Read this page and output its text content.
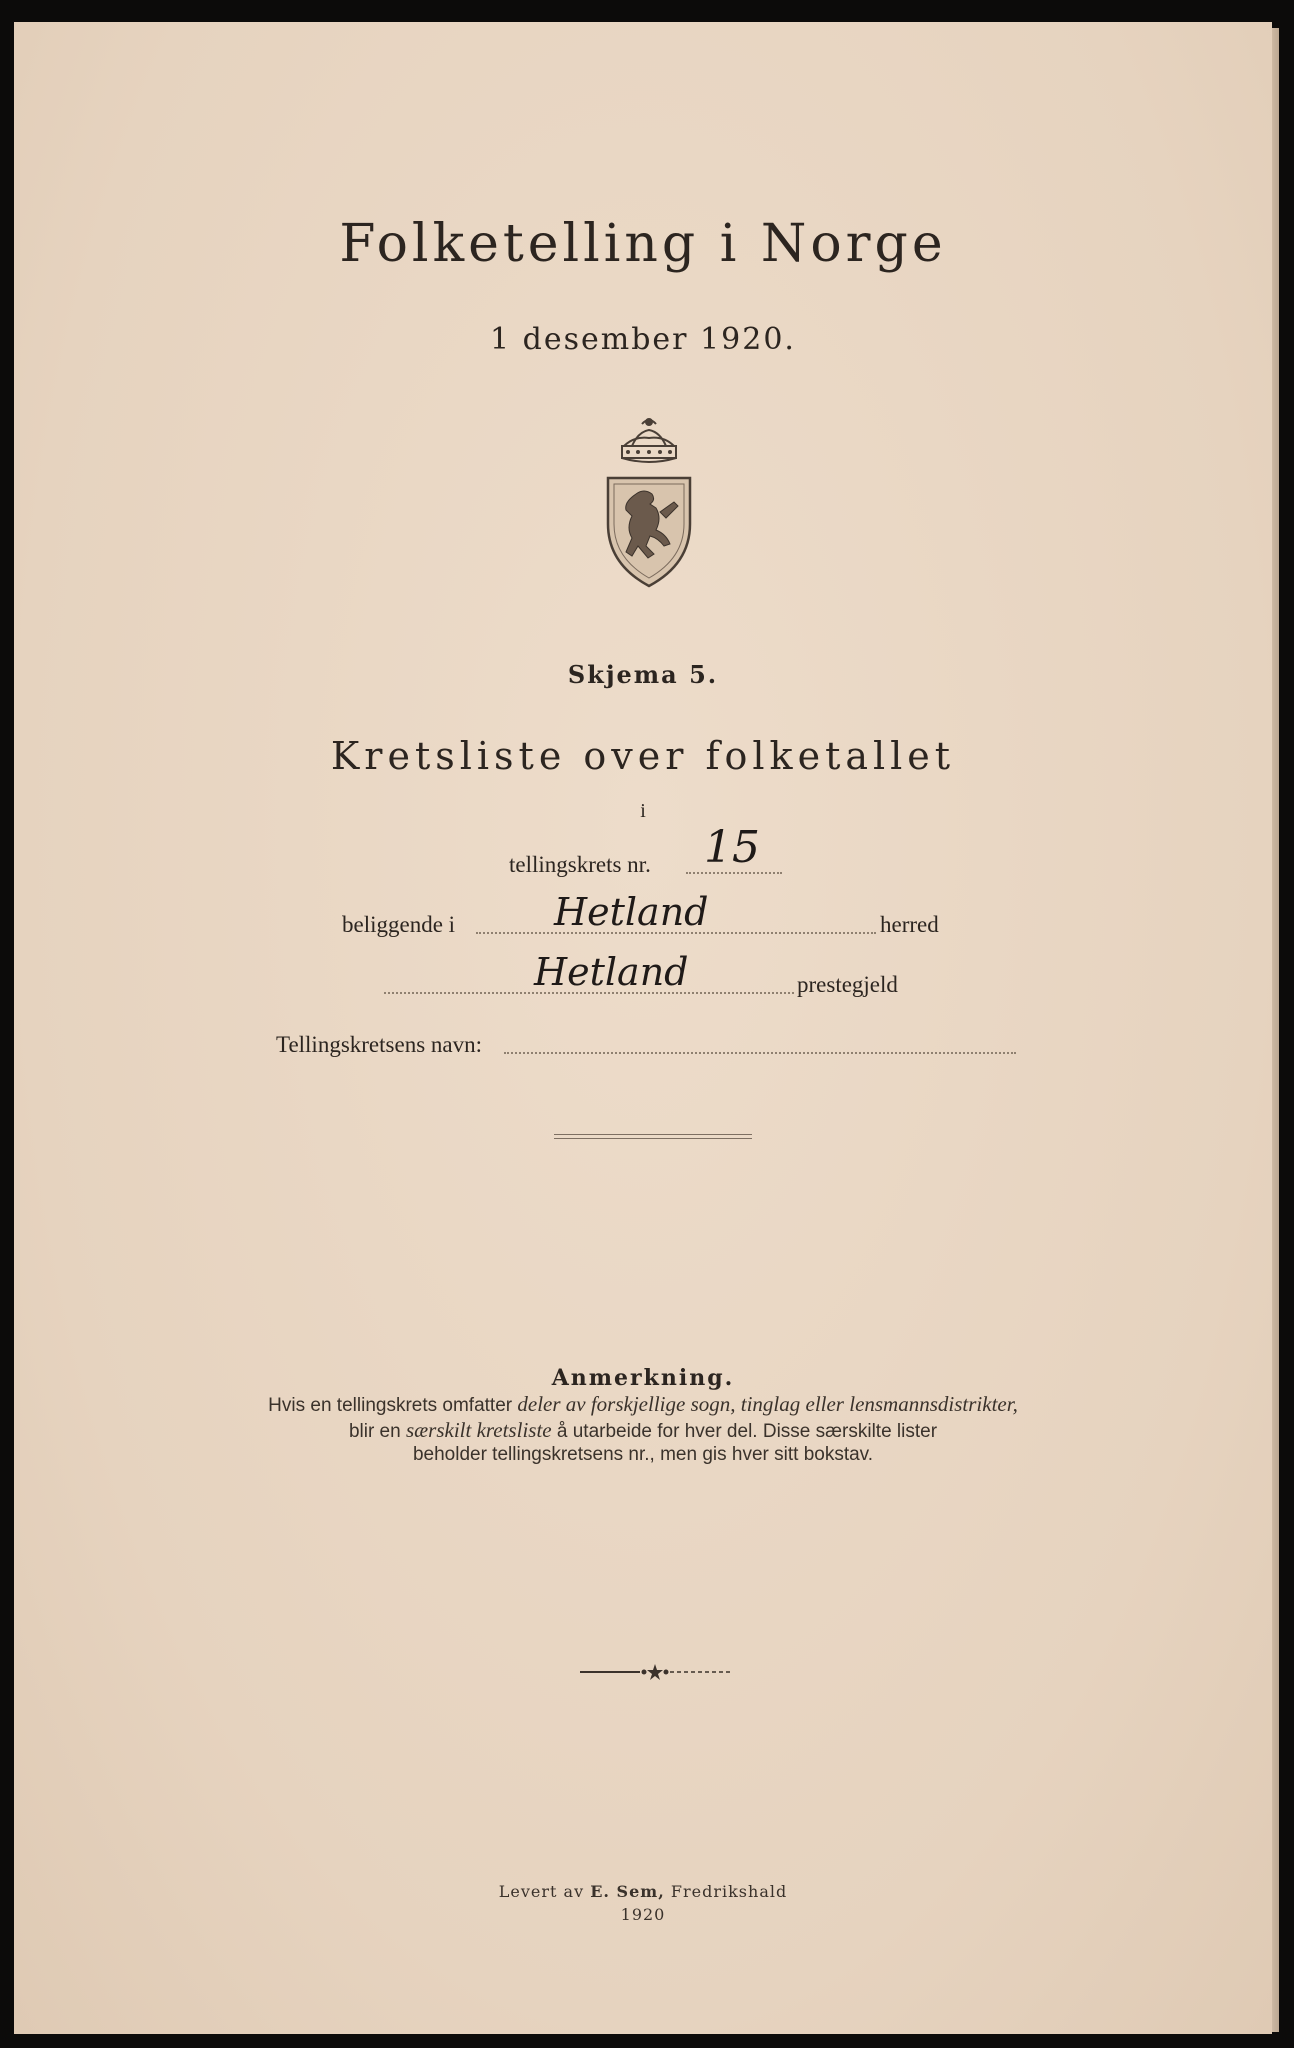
Folketelling i Norge
1 desember 1920.
Skjema 5.
Kretsliste over folketallet
i
tellingskrets nr. 15
beliggende i	Hetland	herred
Hetland	prestegjeld
Tellingskretsens navn:
Anmerkning.
Hvis en tellingskrets omfatter deler av forskjellige sogn, tinglag eller lensmannsdistrikter,
blir en særskilt kretsliste å utarbeide for hver del. Disse særskilte lister
beholder tellingskretsens nr., men gis hver sitt bokstav.
Levert av E. Sem, Fredrikshald
1920
